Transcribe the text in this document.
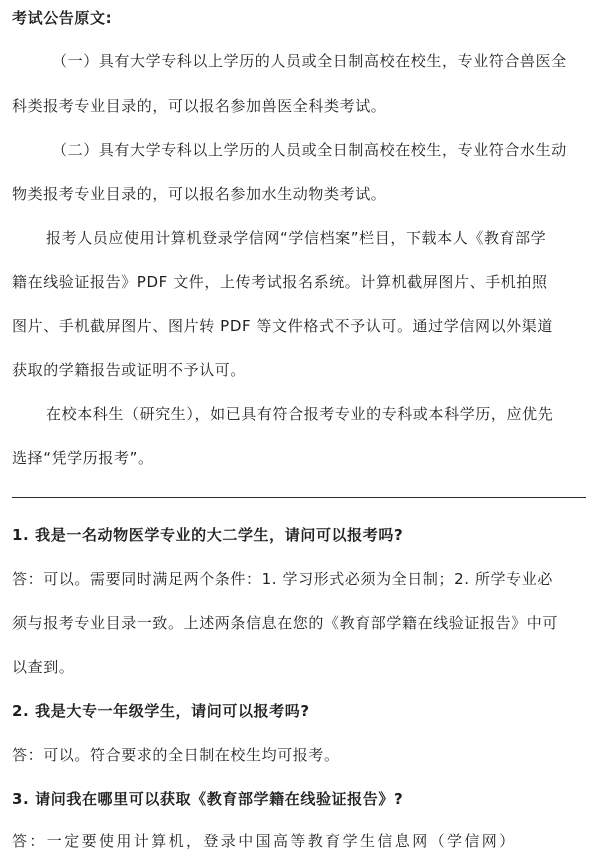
考试公告原文:
（一）具有大学专科以上学历的人员或全日制高校在校生，专业符合兽医全
科类报考专业目录的，可以报名参加兽医全科类考试。
（二）具有大学专科以上学历的人员或全日制高校在校生，专业符合水生动
物类报考专业目录的，可以报名参加水生动物类考试。
报考人员应使用计算机登录学信网“学信档案”栏目，下载本人《教育部学
籍在线验证报告》PDF 文件，上传考试报名系统。计算机截屏图片、手机拍照
图片、手机截屏图片、图片转 PDF 等文件格式不予认可。通过学信网以外渠道
获取的学籍报告或证明不予认可。
在校本科生（研究生），如已具有符合报考专业的专科或本科学历，应优先
选择“凭学历报考”。
1. 我是一名动物医学专业的大二学生，请问可以报考吗?
答：可以。需要同时满足两个条件：1. 学习形式必须为全日制；2. 所学专业必
须与报考专业目录一致。上述两条信息在您的《教育部学籍在线验证报告》中可
以查到。
2. 我是大专一年级学生，请问可以报考吗?
答：可以。符合要求的全日制在校生均可报考。
3. 请问我在哪里可以获取《教育部学籍在线验证报告》?
答：一定要使用计算机，登录中国高等教育学生信息网（学信网）
